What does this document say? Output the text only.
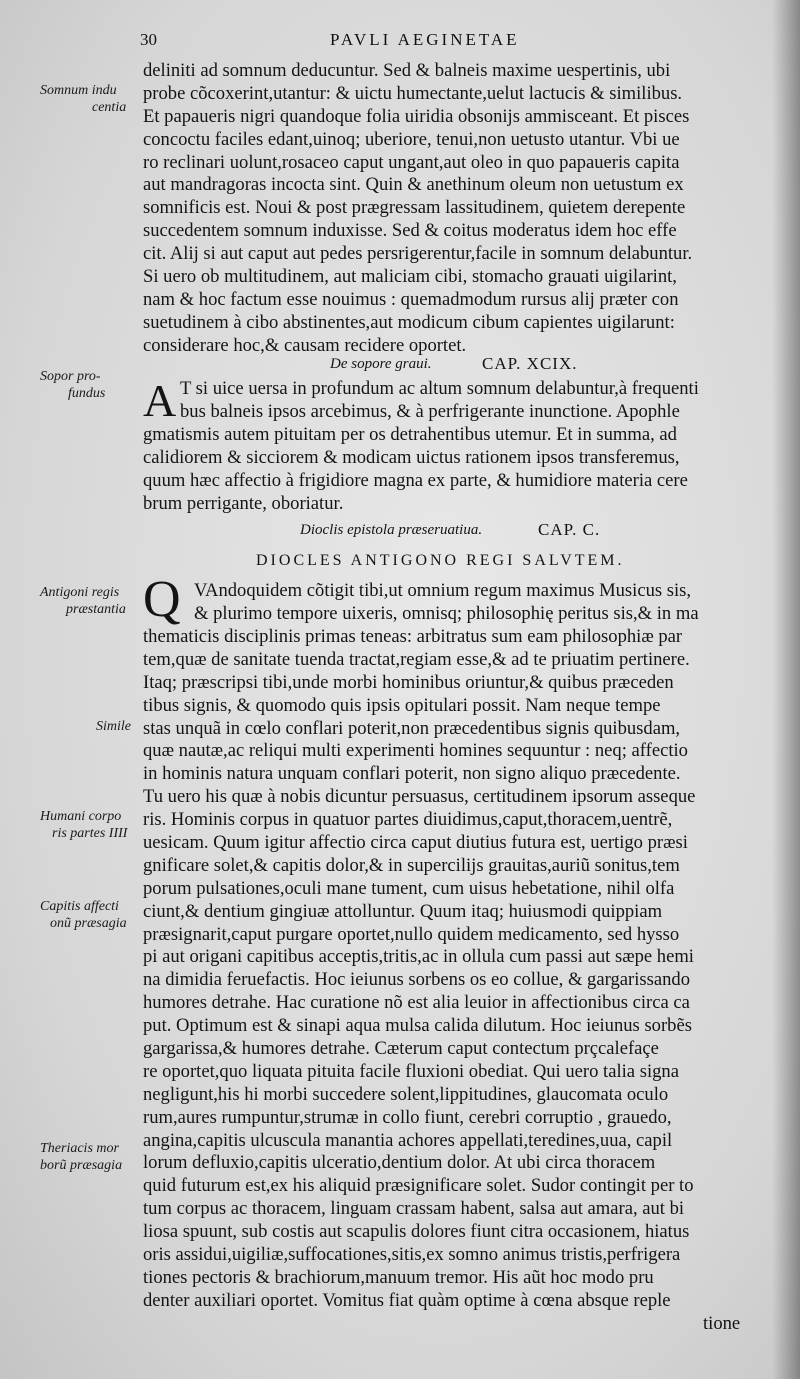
30	PAVLI AEGINETAE
Somnum indu
centia
Sopor pro-
fundus
Antigoni regis
præstantia
Simile
Humani corpo
ris partes IIII
Capitis affecti
onũ præsagia
Theriacis mor
borũ præsagia
deliniti ad somnum deducuntur. Sed & balneis maxime uespertinis, ubi
probe cõcoxerint,utantur: & uictu humectante,uelut lactucis & similibus.
Et papaueris nigri quandoque folia uiridia obsonijs ammisceant. Et pisces
concoctu faciles edant,uinoq; uberiore, tenui,non uetusto utantur. Vbi ue
ro reclinari uolunt,rosaceo caput ungant,aut oleo in quo papaueris capita
aut mandragoras incocta sint. Quin & anethinum oleum non uetustum ex
somnificis est. Noui & post prægressam lassitudinem, quietem derepente
succedentem somnum induxisse. Sed & coitus moderatus idem hoc effe
cit. Alij si aut caput aut pedes persrigerentur,facile in somnum delabuntur.
Si uero ob multitudinem, aut maliciam cibi, stomacho grauati uigilarint,
nam & hoc factum esse nouimus : quemadmodum rursus alij præter con
suetudinem à cibo abstinentes,aut modicum cibum capientes uigilarunt:
considerare hoc,& causam recidere oportet.
De sopore graui.	CAP. XCIX.
A T si uice uersa in profundum ac altum somnum delabuntur,à frequenti
bus balneis ipsos arcebimus, & à perfrigerante inunctione. Apophle
gmatismis autem pituitam per os detrahentibus utemur. Et in summa, ad
calidiorem & sicciorem & modicam uictus rationem ipsos transferemus,
quum hæc affectio à frigidiore magna ex parte, & humidiore materia cere
brum perrigante, oboriatur.
Dioclis epistola præseruatiua.	CAP. C.
DIOCLES ANTIGONO REGI SALVTEM.
Q VAndoquidem cõtigit tibi,ut omnium regum maximus Musicus sis,
& plurimo tempore uixeris, omnisq; philosophię peritus sis,& in ma
thematicis disciplinis primas teneas: arbitratus sum eam philosophiæ par
tem,quæ de sanitate tuenda tractat,regiam esse,& ad te priuatim pertinere.
Itaq; præscripsi tibi,unde morbi hominibus oriuntur,& quibus præceden
tibus signis, & quomodo quis ipsis opitulari possit. Nam neque tempe
stas unquã in cœlo conflari poterit,non præcedentibus signis quibusdam,
quæ nautæ,ac reliqui multi experimenti homines sequuntur : neq; affectio
in hominis natura unquam conflari poterit, non signo aliquo præcedente.
Tu uero his quæ à nobis dicuntur persuasus, certitudinem ipsorum asseque
ris. Hominis corpus in quatuor partes diuidimus,caput,thoracem,uentrẽ,
uesicam. Quum igitur affectio circa caput diutius futura est, uertigo præsi
gnificare solet,& capitis dolor,& in supercilijs grauitas,auriũ sonitus,tem
porum pulsationes,oculi mane tument, cum uisus hebetatione, nihil olfa
ciunt,& dentium gingiuæ attolluntur. Quum itaq; huiusmodi quippiam
præsignarit,caput purgare oportet,nullo quidem medicamento, sed hysso
pi aut origani capitibus acceptis,tritis,ac in ollula cum passi aut sæpe hemi
na dimidia feruefactis. Hoc ieiunus sorbens os eo collue, & gargarissando
humores detrahe. Hac curatione nõ est alia leuior in affectionibus circa ca
put. Optimum est & sinapi aqua mulsa calida dilutum. Hoc ieiunus sorbẽs
gargarissa,& humores detrahe. Cæterum caput contectum prçcalefaçe
re oportet,quo liquata pituita facile fluxioni obediat. Qui uero talia signa
negligunt,his hi morbi succedere solent,lippitudines, glaucomata oculo
rum,aures rumpuntur,strumæ in collo fiunt, cerebri corruptio , grauedo,
angina,capitis ulcuscula manantia achores appellati,teredines,uua, capil
lorum defluxio,capitis ulceratio,dentium dolor. At ubi circa thoracem
quid futurum est,ex his aliquid præsignificare solet. Sudor contingit per to
tum corpus ac thoracem, linguam crassam habent, salsa aut amara, aut bi
liosa spuunt, sub costis aut scapulis dolores fiunt citra occasionem, hiatus
oris assidui,uigiliæ,suffocationes,sitis,ex somno animus tristis,perfrigera
tiones pectoris & brachiorum,manuum tremor. His aũt hoc modo pru
denter auxiliari oportet. Vomitus fiat quàm optime à cœna absque reple
tione
